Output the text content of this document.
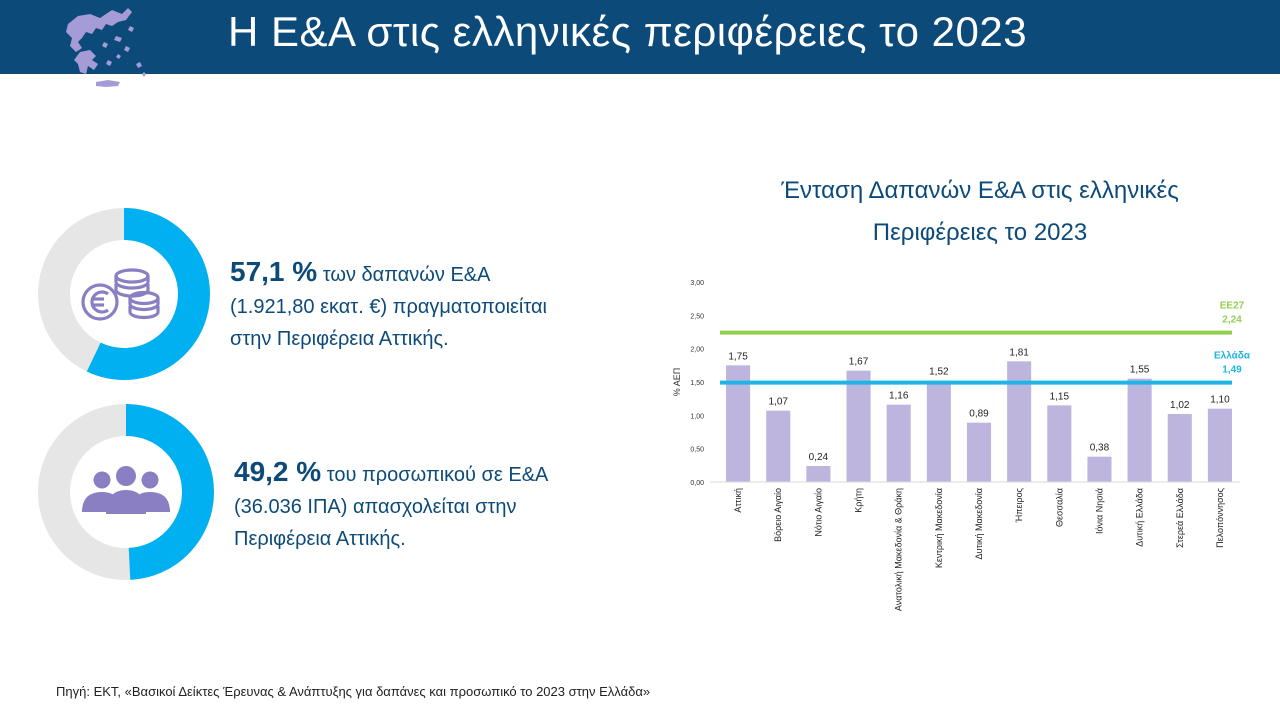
Η Ε&Α στις ελληνικές περιφέρειες το 2023
57,1 % των δαπανών Ε&Α
(1.921,80 εκατ. €) πραγματοποιείται
στην Περιφέρεια Αττικής.
49,2 % του προσωπικού σε Ε&Α
(36.036 ΙΠΑ) απασχολείται στην
Περιφέρεια Αττικής.
Ένταση Δαπανών Ε&Α στις ελληνικές
Περιφέρειες το 2023
0,00
0,50
1,00
1,50
2,00
2,50
3,00
% ΑΕΠ
1,75
Αττική
1,07
Βόρειο Αιγαίο
0,24
Νότιο Αιγαίο
1,67
Κρήτη
1,16
Ανατολική Μακεδονία & Θράκη
1,52
Κεντρική Μακεδονία
0,89
Δυτική Μακεδονία
1,81
Ήπειρος
1,15
Θεσσαλία
0,38
Ιόνια Νησιά
1,55
Δυτική Ελλάδα
1,02
Στερεά Ελλάδα
1,10
Πελοπόννησος
ΕΕ27
2,24
Ελλάδα
1,49
Πηγή: ΕΚΤ, «Βασικοί Δείκτες Έρευνας & Ανάπτυξης για δαπάνες και προσωπικό το 2023 στην Ελλάδα»
